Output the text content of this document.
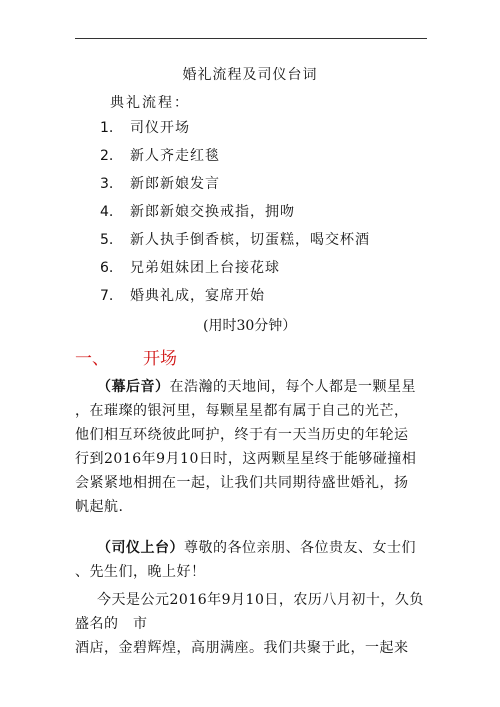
婚礼流程及司仪台词
典礼流程：
1. 司仪开场
2. 新人齐走红毯
3. 新郎新娘发言
4. 新郎新娘交换戒指，拥吻
5. 新人执手倒香槟，切蛋糕，喝交杯酒
6. 兄弟姐妹团上台接花球
7. 婚典礼成，宴席开始
(用时30分钟）
一、 开场
（幕后音）在浩瀚的天地间，每个人都是一颗星星
，在璀璨的银河里，每颗星星都有属于自己的光芒，
他们相互环绕彼此呵护，终于有一天当历史的年轮运
行到2016年9月10日时，这两颗星星终于能够碰撞相
会紧紧地相拥在一起，让我们共同期待盛世婚礼，扬
帆起航.
（司仪上台）尊敬的各位亲朋、各位贵友、女士们
、先生们，晚上好！
今天是公元2016年9月10日，农历八月初十，久负
盛名的　市
酒店，金碧辉煌，高朋满座。我们共聚于此，一起来
